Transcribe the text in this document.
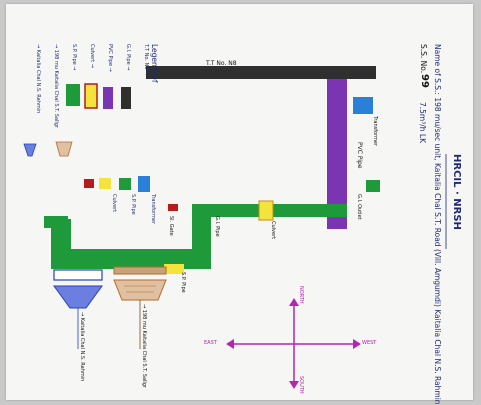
HRCIL · NRSH
Name of S.S.: 198 mu/sec unit, Kaitalia Chal S.T. Road (Vill. Amgumdi) Kaitalia Chal N.S. Rahmin
S.S. No.
99
7.5m³/h LK
Legend Of
T.T No. N8 →
G.I. Pipe →
PVC Pipe →
Culvert →
S.P. Pipe →
→ 198 mu Kaitalia Chal S.T. Sallgr
→ Kaitalia Chal N.S. Rahmin	T.T No. N8
PVC Pipe
Transformer
G.I. Outlet
Culvert
G.I. Pipe
S.P. Pipe
Sl. Gate
Transformer
S.P. Pipe
Culvert
→ Kaitalia Chal N.S. Rahmin	→ 198 mu Kaitalia Chal S.T. Sallgr
NORTH
SOUTH
EAST	WEST
